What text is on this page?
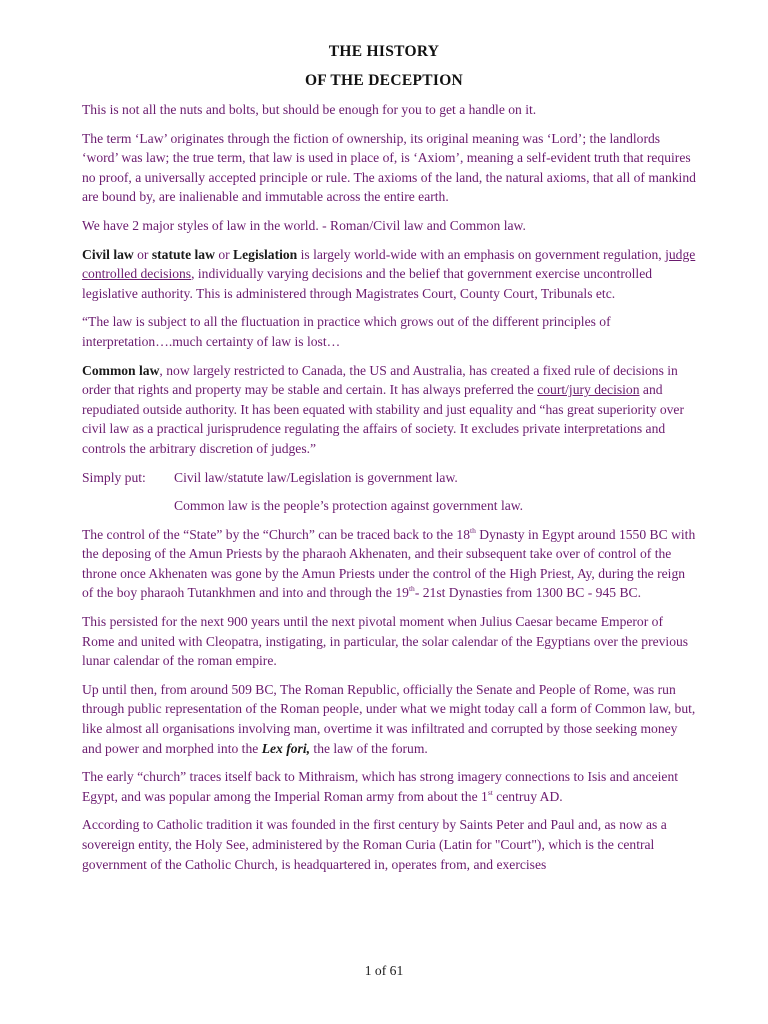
THE HISTORY
OF THE DECEPTION

This is not all the nuts and bolts, but should be enough for you to get a handle on it.

The term ‘Law’ originates through the fiction of ownership, its original meaning was ‘Lord’; the landlords ‘word’ was law; the true term, that law is used in place of, is ‘Axiom’, meaning a self-evident truth that requires no proof, a universally accepted principle or rule. The axioms of the land, the natural axioms, that all of mankind are bound by, are inalienable and immutable across the entire earth.

We have 2 major styles of law in the world. - Roman/Civil law and Common law.

Civil law or statute law or Legislation is largely world-wide with an emphasis on government regulation, judge controlled decisions, individually varying decisions and the belief that government exercise uncontrolled legislative authority. This is administered through Magistrates Court, County Court, Tribunals etc.

“The law is subject to all the fluctuation in practice which grows out of the different principles of interpretation….much certainty of law is lost…

Common law, now largely restricted to Canada, the US and Australia, has created a fixed rule of decisions in order that rights and property may be stable and certain. It has always preferred the court/jury decision and repudiated outside authority. It has been equated with stability and just equality and “has great superiority over civil law as a practical jurisprudence regulating the affairs of society. It excludes private interpretations and controls the arbitrary discretion of judges.”

Simply put:	Civil law/statute law/Legislation is government law.
Common law is the people’s protection against government law.

The control of the “State” by the “Church” can be traced back to the 18th Dynasty in Egypt around 1550 BC with the deposing of the Amun Priests by the pharaoh Akhenaten, and their subsequent take over of control of the throne once Akhenaten was gone by the Amun Priests under the control of the High Priest, Ay, during the reign of the boy pharaoh Tutankhmen and into and through the 19th- 21st Dynasties from 1300 BC - 945 BC.

This persisted for the next 900 years until the next pivotal moment when Julius Caesar became Emperor of Rome and united with Cleopatra, instigating, in particular, the solar calendar of the Egyptians over the previous lunar calendar of the roman empire.

Up until then, from around 509 BC, The Roman Republic, officially the Senate and People of Rome, was run through public representation of the Roman people, under what we might today call a form of Common law, but, like almost all organisations involving man, overtime it was infiltrated and corrupted by those seeking money and power and morphed into the Lex fori, the law of the forum.

The early “church” traces itself back to Mithraism, which has strong imagery connections to Isis and anceient Egypt, and was popular among the Imperial Roman army from about the 1st centruy AD.

According to Catholic tradition it was founded in the first century by Saints Peter and Paul and, as now as a sovereign entity, the Holy See, administered by the Roman Curia (Latin for "Court"), which is the central government of the Catholic Church, is headquartered in, operates from, and exercises

1 of 61
